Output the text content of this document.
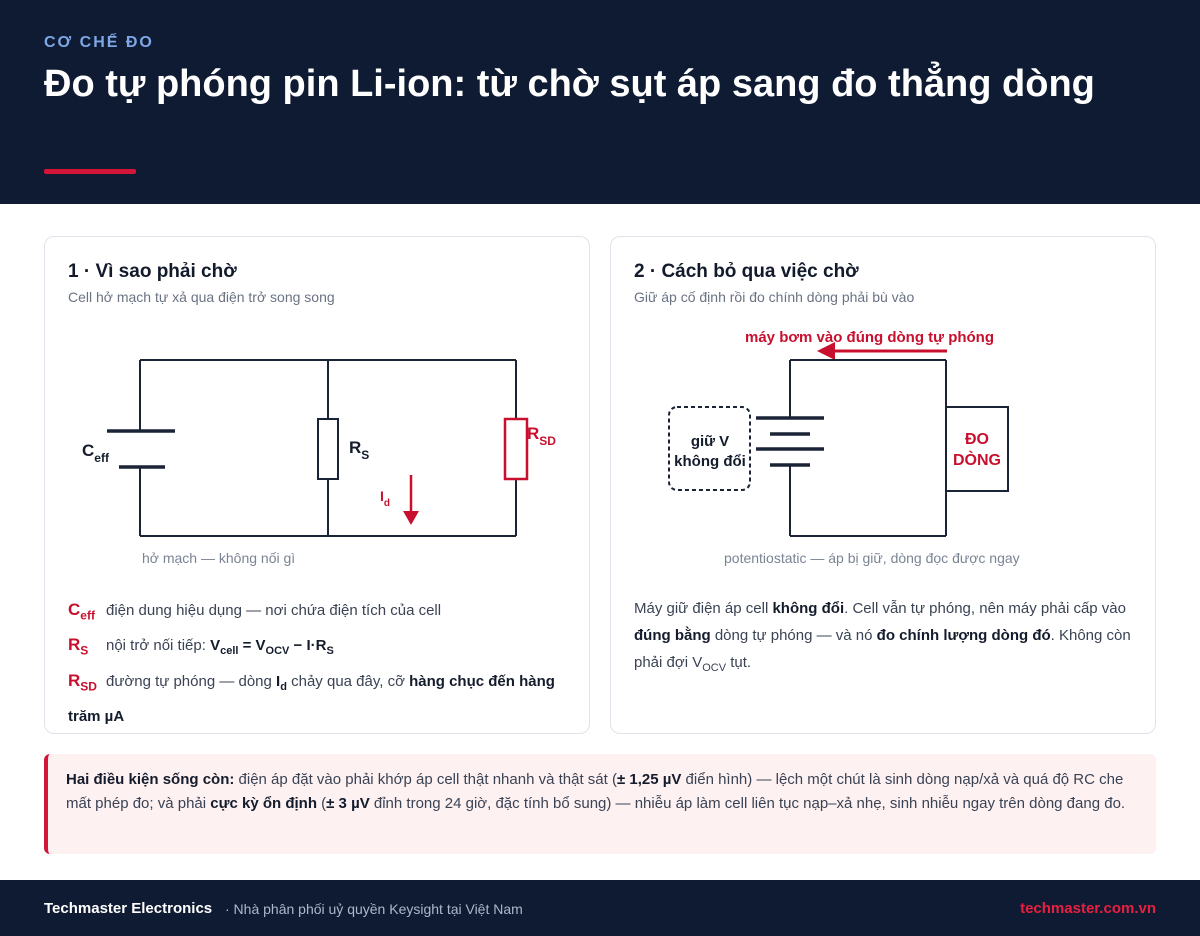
CƠ CHẾ ĐO
Đo tự phóng pin Li-ion: từ chờ sụt áp sang đo thẳng dòng
1 · Vì sao phải chờ
Cell hở mạch tự xả qua điện trở song song
$C_{eff}$
$R_S$
$R_{SD}$
$I_d$
hở mạch — không nối gì
$C_{eff}$ điện dung hiệu dụng — nơi chứa điện tích của cell
$R_S$ nội trở nối tiếp: $V_{cell} = V_{OCV} - I\cdot R_S$
$R_{SD}$ đường tự phóng — dòng $I_d$ chảy qua đây, cỡ hàng chục đến hàng trăm µA
2 · Cách bỏ qua việc chờ
Giữ áp cố định rồi đo chính dòng phải bù vào
máy bơm vào đúng dòng tự phóng
giữ V
không đổi
ĐO
DÒNG
potentiostatic — áp bị giữ, dòng đọc được ngay
Máy giữ điện áp cell không đổi. Cell vẫn tự phóng, nên máy phải cấp vào đúng bằng dòng tự phóng — và nó đo chính lượng dòng đó. Không còn phải đợi $V_{OCV}$ tụt.
Hai điều kiện sống còn: điện áp đặt vào phải khớp áp cell thật nhanh và thật sát (± 1,25 µV điển hình) — lệch một chút là sinh dòng nạp/xả và quá độ RC che mất phép đo; và phải cực kỳ ổn định (± 3 µV đỉnh trong 24 giờ, đặc tính bổ sung) — nhiễu áp làm cell liên tục nạp–xả nhẹ, sinh nhiễu ngay trên dòng đang đo.
Techmaster Electronics · Nhà phân phối uỷ quyền Keysight tại Việt Nam	techmaster.com.vn
